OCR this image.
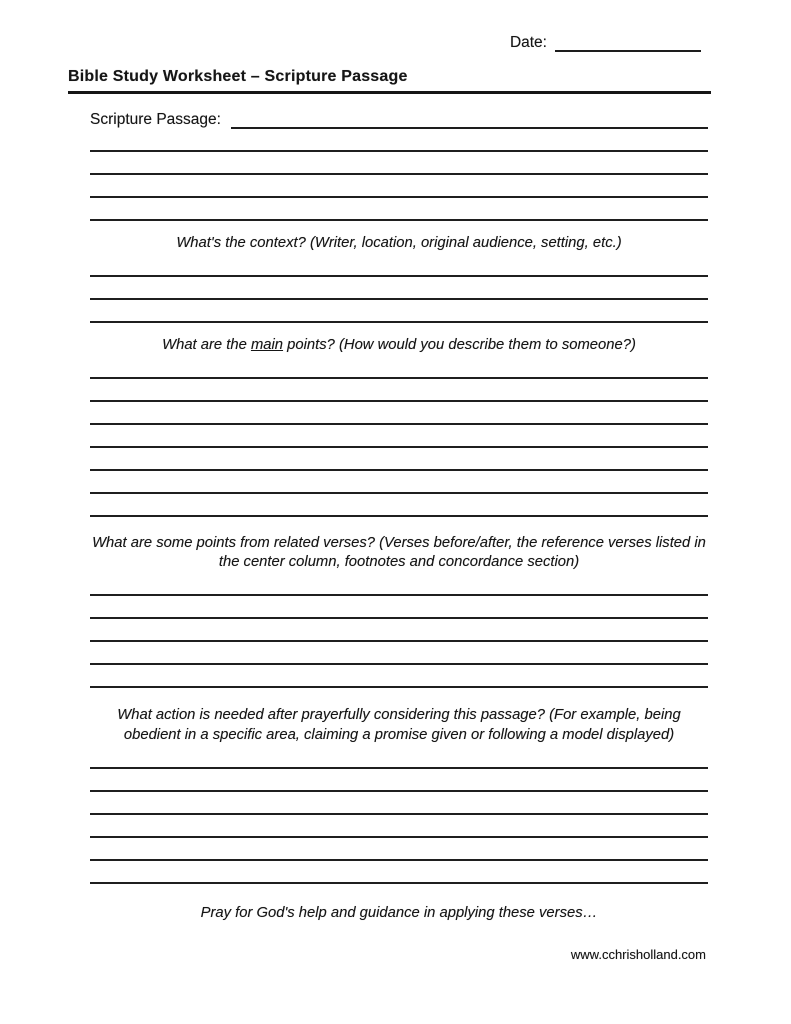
Date:
Bible Study Worksheet – Scripture Passage
Scripture Passage:

What's the context? (Writer, location, original audience, setting, etc.)

What are the main points? (How would you describe them to someone?)

What are some points from related verses? (Verses before/after, the reference verses listed in the center column, footnotes and concordance section)

What action is needed after prayerfully considering this passage? (For example, being obedient in a specific area, claiming a promise given or following a model displayed)

Pray for God's help and guidance in applying these verses…

www.cchrisholland.com
